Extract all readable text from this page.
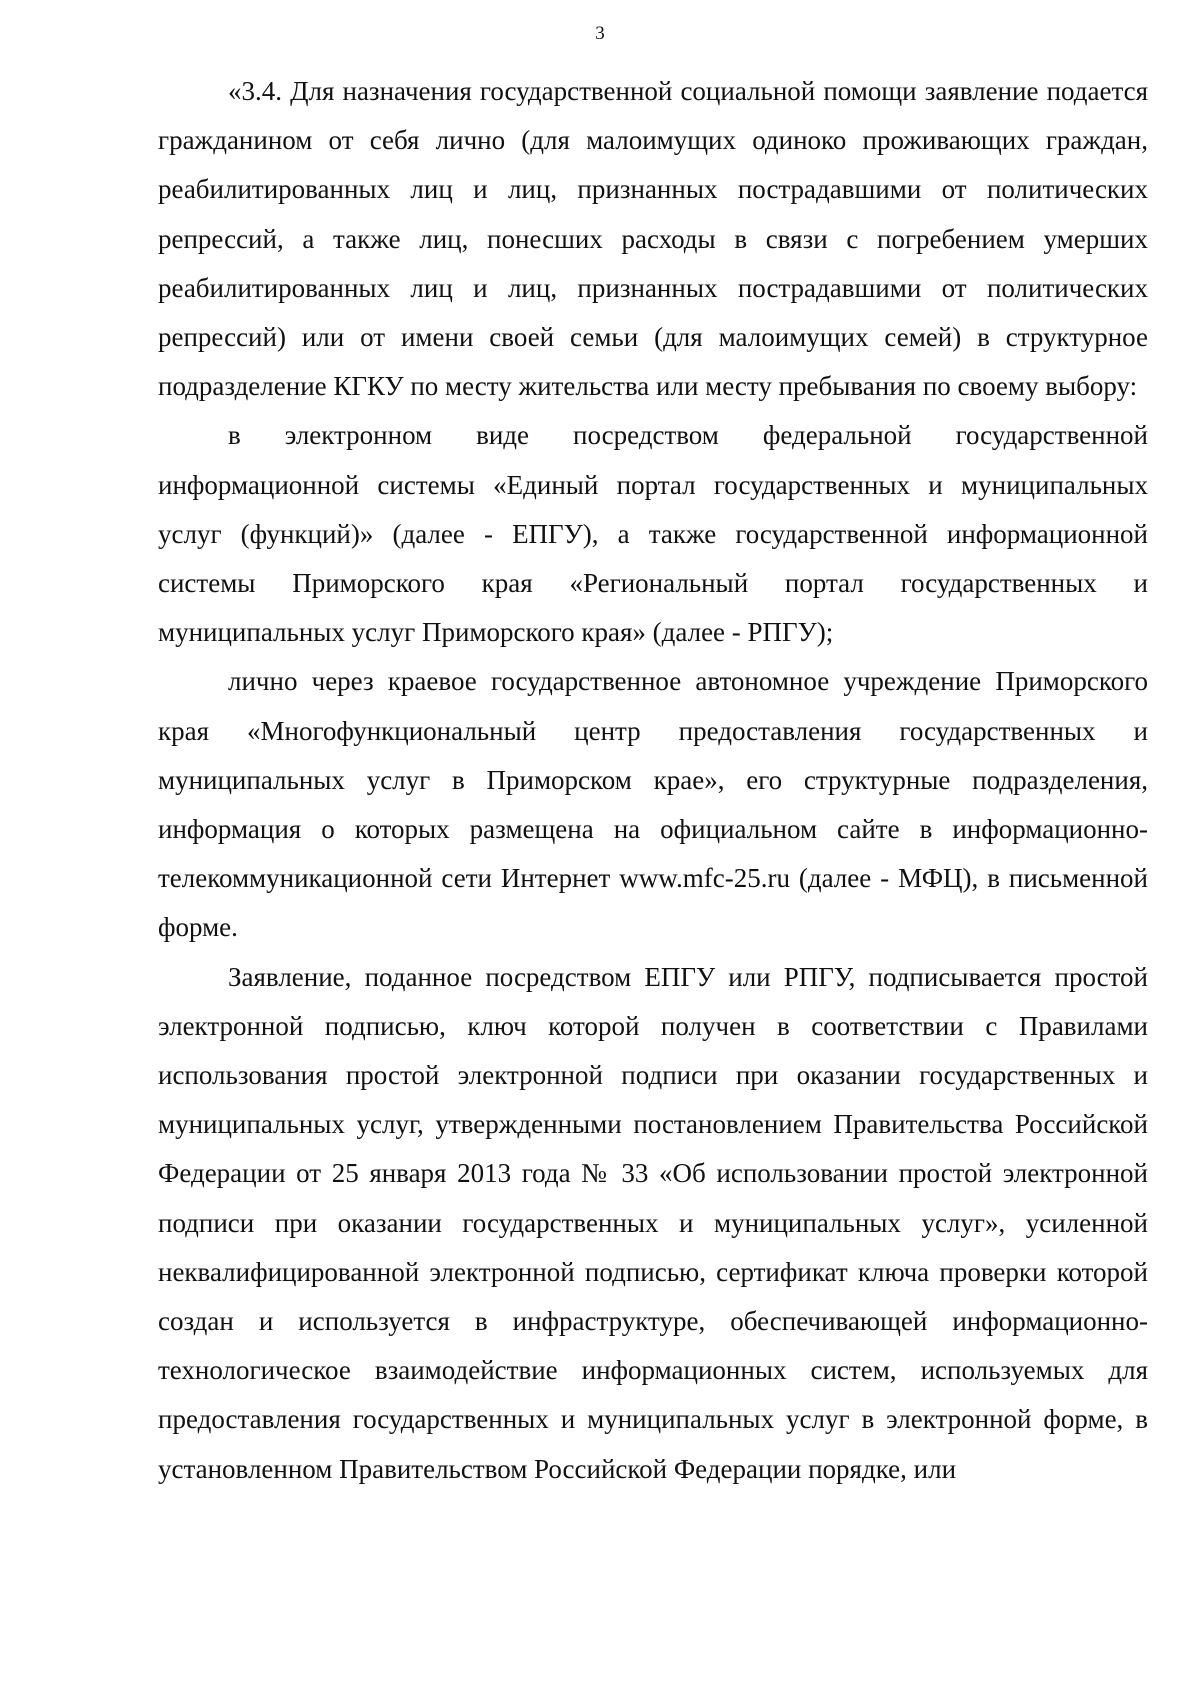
3

«3.4. Для назначения государственной социальной помощи заявление подается гражданином от себя лично (для малоимущих одиноко проживающих граждан, реабилитированных лиц и лиц, признанных пострадавшими от политических репрессий, а также лиц, понесших расходы в связи с погребением умерших реабилитированных лиц и лиц, признанных пострадавшими от политических репрессий) или от имени своей семьи (для малоимущих семей) в структурное подразделение КГКУ по месту жительства или месту пребывания по своему выбору:

в электронном виде посредством федеральной государственной информационной системы «Единый портал государственных и муниципальных услуг (функций)» (далее - ЕПГУ), а также государственной информационной системы Приморского края «Региональный портал государственных и муниципальных услуг Приморского края» (далее - РПГУ);

лично через краевое государственное автономное учреждение Приморского края «Многофункциональный центр предоставления государственных и муниципальных услуг в Приморском крае», его структурные подразделения, информация о которых размещена на официальном сайте в информационно-телекоммуникационной сети Интернет www.mfc-25.ru (далее - МФЦ), в письменной форме.

Заявление, поданное посредством ЕПГУ или РПГУ, подписывается простой электронной подписью, ключ которой получен в соответствии с Правилами использования простой электронной подписи при оказании государственных и муниципальных услуг, утвержденными постановлением Правительства Российской Федерации от 25 января 2013 года № 33 «Об использовании простой электронной подписи при оказании государственных и муниципальных услуг», усиленной неквалифицированной электронной подписью, сертификат ключа проверки которой создан и используется в инфраструктуре, обеспечивающей информационно-технологическое взаимодействие информационных систем, используемых для предоставления государственных и муниципальных услуг в электронной форме, в установленном Правительством Российской Федерации порядке, или
